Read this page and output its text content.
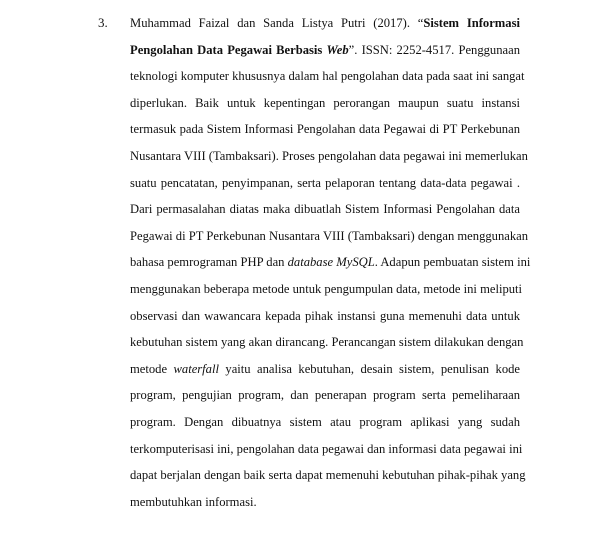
3. Muhammad Faizal dan Sanda Listya Putri (2017). “Sistem Informasi
Pengolahan Data Pegawai Berbasis Web”. ISSN: 2252-4517. Penggunaan
teknologi komputer khususnya dalam hal pengolahan data pada saat ini sangat
diperlukan. Baik untuk kepentingan perorangan maupun suatu instansi
termasuk pada Sistem Informasi Pengolahan data Pegawai di PT Perkebunan
Nusantara VIII (Tambaksari). Proses pengolahan data pegawai ini memerlukan
suatu pencatatan, penyimpanan, serta pelaporan tentang data-data pegawai .
Dari permasalahan diatas maka dibuatlah Sistem Informasi Pengolahan data
Pegawai di PT Perkebunan Nusantara VIII (Tambaksari) dengan menggunakan
bahasa pemrograman PHP dan database MySQL. Adapun pembuatan sistem ini
menggunakan beberapa metode untuk pengumpulan data, metode ini meliputi
observasi dan wawancara kepada pihak instansi guna memenuhi data untuk
kebutuhan sistem yang akan dirancang. Perancangan sistem dilakukan dengan
metode waterfall yaitu analisa kebutuhan, desain sistem, penulisan kode
program, pengujian program, dan penerapan program serta pemeliharaan
program. Dengan dibuatnya sistem atau program aplikasi yang sudah
terkomputerisasi ini, pengolahan data pegawai dan informasi data pegawai ini
dapat berjalan dengan baik serta dapat memenuhi kebutuhan pihak-pihak yang
membutuhkan informasi.
